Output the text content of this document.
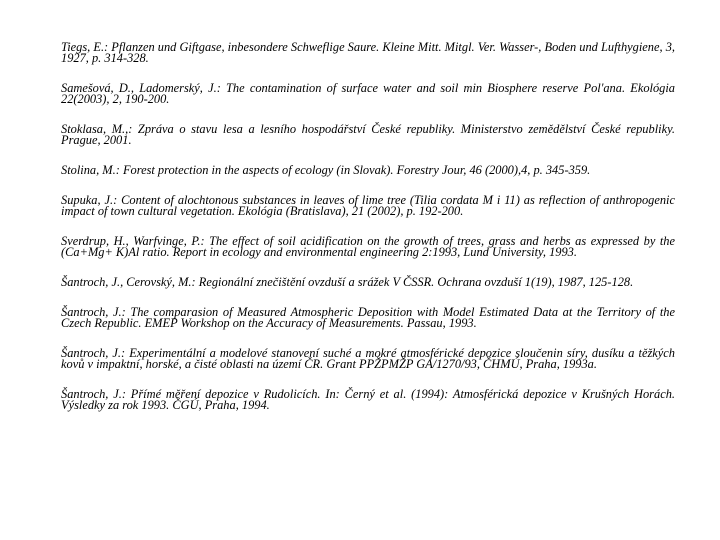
Tiegs, E.: Pflanzen und Giftgase, inbesondere Schweflige Saure. Kleine Mitt. Mitgl. Ver. Wasser-, Boden und Lufthygiene, 3, 1927, p. 314-328.

Samešová, D., Ladomerský, J.: The contamination of surface water and soil min Biosphere reserve Pol'ana. Ekológia 22(2003), 2, 190-200.

Stoklasa, M.,: Zpráva o stavu lesa a lesního hospodářství České republiky. Ministerstvo zemědělství České republiky. Prague, 2001.

Stolina, M.: Forest protection in the aspects of ecology (in Slovak). Forestry Jour, 46 (2000),4, p. 345-359.

Supuka, J.: Content of alochtonous substances in leaves of lime tree (Tilia cordata M i 11) as reflection of anthropogenic impact of town cultural vegetation. Ekológia (Bratislava), 21 (2002), p. 192-200.

Sverdrup, H., Warfvinge, P.: The effect of soil acidification on the growth of trees, grass and herbs as expressed by the (Ca+Mg+ K)Al ratio. Report in ecology and environmental engineering 2:1993, Lund University, 1993.

Šantroch, J., Cerovský, M.: Regionální znečištění ovzduší a srážek V ČSSR. Ochrana ovzduší 1(19), 1987, 125-128.

Šantroch, J.: The comparasion of Measured Atmospheric Deposition with Model Estimated Data at the Territory of the Czech Republic. EMEP Workshop on the Accuracy of Measurements. Passau, 1993.

Šantroch, J.: Experimentální a modelové stanovení suché a mokré atmosférické depozice sloučenin síry, dusíku a těžkých kovů v impaktní, horské, a čisté oblasti na území ČR. Grant PPŽPMŽP GA/1270/93, ČHMÚ, Praha, 1993a.

Šantroch, J.: Přímé měření depozice v Rudolicích. In: Černý et al. (1994): Atmosférická depozice v Krušných Horách. Výsledky za rok 1993. ČGÚ, Praha, 1994.
